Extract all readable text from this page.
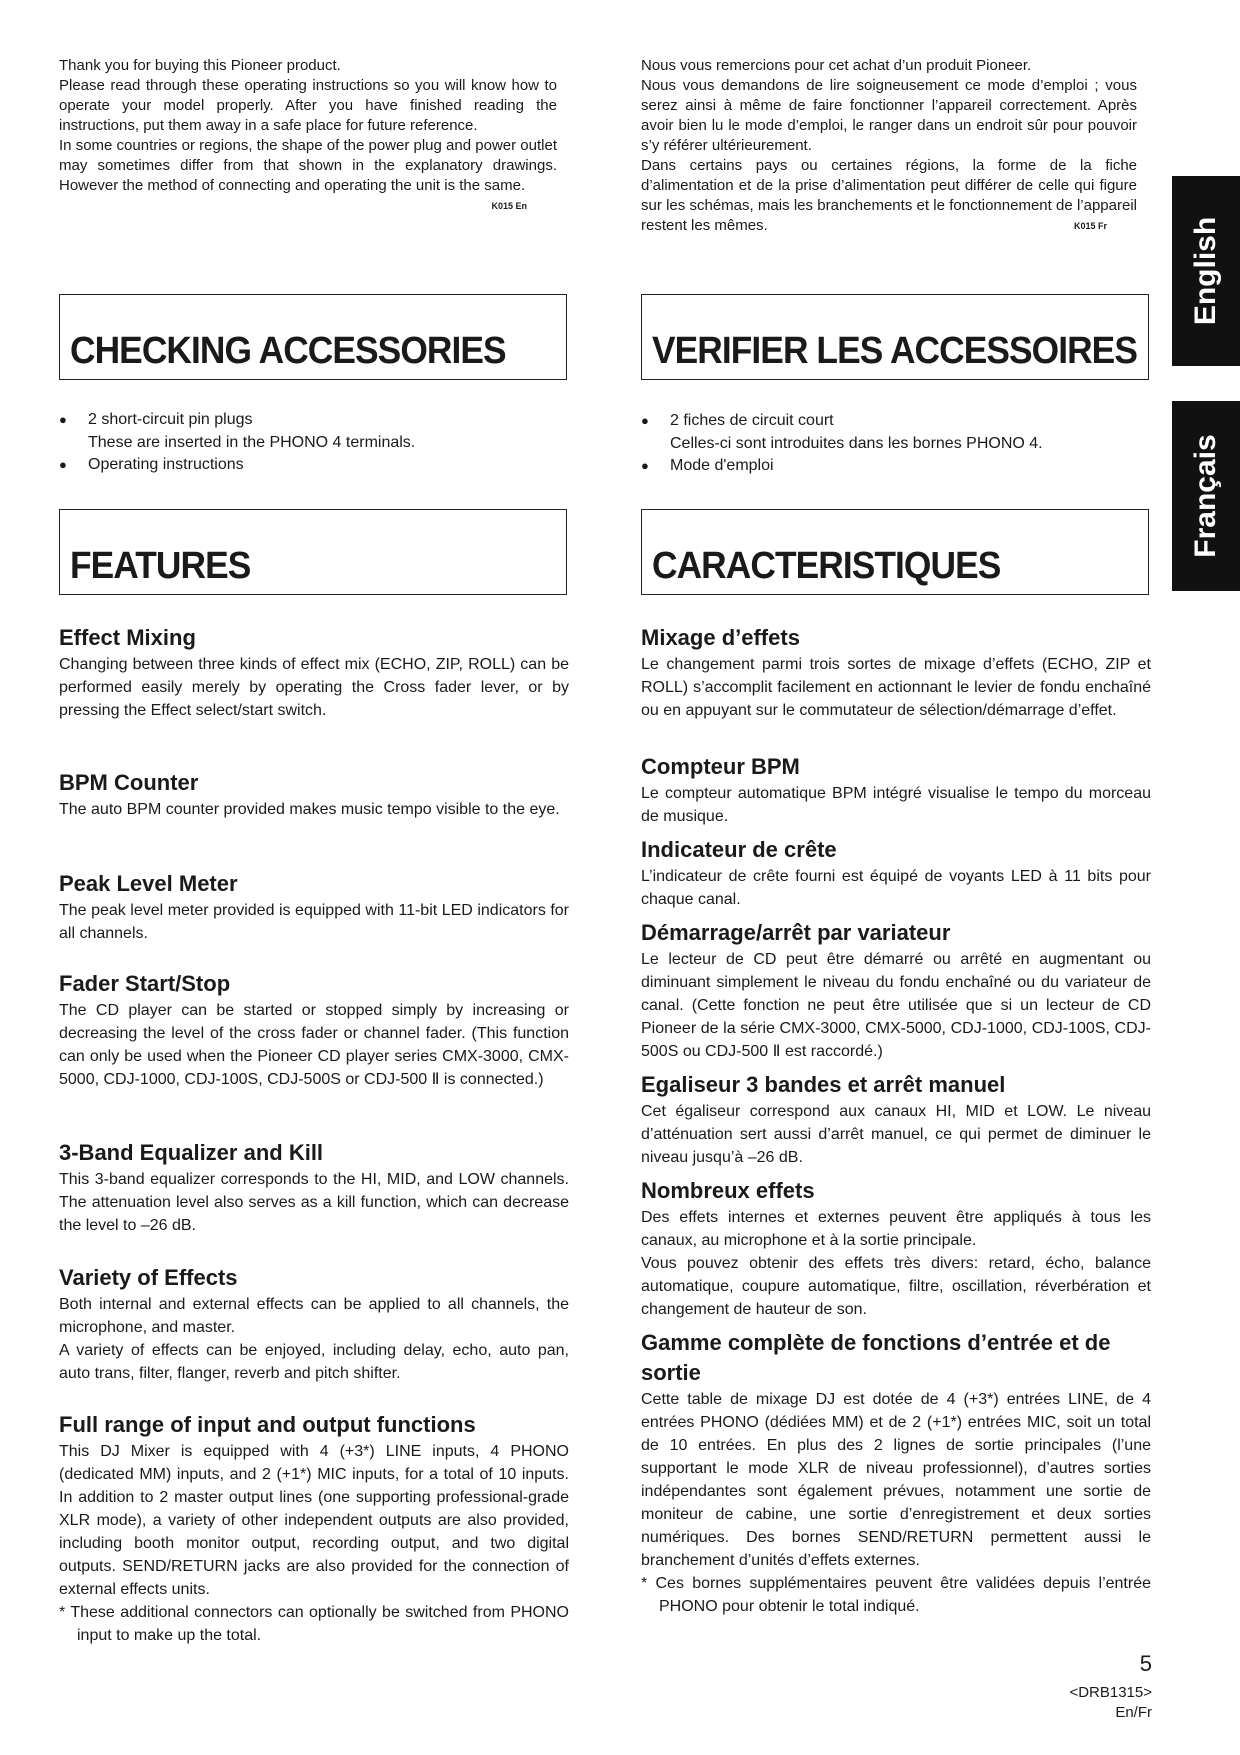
Thank you for buying this Pioneer product.

Please read through these operating instructions so you will know how to operate your model properly. After you have finished reading the instructions, put them away in a safe place for future reference.

In some countries or regions, the shape of the power plug and power outlet may sometimes differ from that shown in the explanatory drawings. However the method of connecting and operating the unit is the same.
K015 En

CHECKING ACCESSORIES
● 2 short-circuit pin plugs
These are inserted in the PHONO 4 terminals.
● Operating instructions
FEATURES
Effect Mixing

Changing between three kinds of effect mix (ECHO, ZIP, ROLL) can be performed easily merely by operating the Cross fader lever, or by pressing the Effect select/start switch.

BPM Counter

The auto BPM counter provided makes music tempo visible to the eye.

Peak Level Meter

The peak level meter provided is equipped with 11-bit LED indicators for all channels.

Fader Start/Stop

The CD player can be started or stopped simply by increasing or decreasing the level of the cross fader or channel fader. (This function can only be used when the Pioneer CD player series CMX-3000, CMX-5000, CDJ-1000, CDJ-100S, CDJ-500S or CDJ-500 Ⅱ is connected.)

3-Band Equalizer and Kill

This 3-band equalizer corresponds to the HI, MID, and LOW channels. The attenuation level also serves as a kill function, which can decrease the level to –26 dB.

Variety of Effects

Both internal and external effects can be applied to all channels, the microphone, and master.

A variety of effects can be enjoyed, including delay, echo, auto pan, auto trans, filter, flanger, reverb and pitch shifter.

Full range of input and output functions

This DJ Mixer is equipped with 4 (+3*) LINE inputs, 4 PHONO (dedicated MM) inputs, and 2 (+1*) MIC inputs, for a total of 10 inputs. In addition to 2 master output lines (one supporting professional-grade XLR mode), a variety of other independent outputs are also provided, including booth monitor output, recording output, and two digital outputs. SEND/RETURN jacks are also provided for the connection of external effects units.

* These additional connectors can optionally be switched from PHONO input to make up the total.

Nous vous remercions pour cet achat d’un produit Pioneer.

Nous vous demandons de lire soigneusement ce mode d’emploi ; vous serez ainsi à même de faire fonctionner l’appareil correctement. Après avoir bien lu le mode d’emploi, le ranger dans un endroit sûr pour pouvoir s’y référer ultérieurement.

Dans certains pays ou certaines régions, la forme de la fiche d’alimentation et de la prise d’alimentation peut différer de celle qui figure sur les schémas, mais les branchements et le fonctionnement de l’appareil restent les mêmes.	K015 Fr

VERIFIER LES ACCESSOIRES
● 2 fiches de circuit court
Celles-ci sont introduites dans les bornes PHONO 4.
● Mode d'emploi
CARACTERISTIQUES
Mixage d’effets

Le changement parmi trois sortes de mixage d’effets (ECHO, ZIP et ROLL) s’accomplit facilement en actionnant le levier de fondu enchaîné ou en appuyant sur le commutateur de sélection/démarrage d’effet.

Compteur BPM

Le compteur automatique BPM intégré visualise le tempo du morceau de musique.

Indicateur de crête

L’indicateur de crête fourni est équipé de voyants LED à 11 bits pour chaque canal.

Démarrage/arrêt par variateur

Le lecteur de CD peut être démarré ou arrêté en augmentant ou diminuant simplement le niveau du fondu enchaîné ou du variateur de canal. (Cette fonction ne peut être utilisée que si un lecteur de CD Pioneer de la série CMX-3000, CMX-5000, CDJ-1000, CDJ-100S, CDJ-500S ou CDJ-500 Ⅱ est raccordé.)

Egaliseur 3 bandes et arrêt manuel

Cet égaliseur correspond aux canaux HI, MID et LOW. Le niveau d’atténuation sert aussi d’arrêt manuel, ce qui permet de diminuer le niveau jusqu’à –26 dB.

Nombreux effets

Des effets internes et externes peuvent être appliqués à tous les canaux, au microphone et à la sortie principale.

Vous pouvez obtenir des effets très divers: retard, écho, balance automatique, coupure automatique, filtre, oscillation, réverbération et changement de hauteur de son.

Gamme complète de fonctions d’entrée et de sortie

Cette table de mixage DJ est dotée de 4 (+3*) entrées LINE, de 4 entrées PHONO (dédiées MM) et de 2 (+1*) entrées MIC, soit un total de 10 entrées. En plus des 2 lignes de sortie principales (l’une supportant le mode XLR de niveau professionnel), d’autres sorties indépendantes sont également prévues, notamment une sortie de moniteur de cabine, une sortie d’enregistrement et deux sorties numériques. Des bornes SEND/RETURN permettent aussi le branchement d’unités d’effets externes.

* Ces bornes supplémentaires peuvent être validées depuis l’entrée PHONO pour obtenir le total indiqué.

English
Français
5
<DRB1315>
En/Fr
